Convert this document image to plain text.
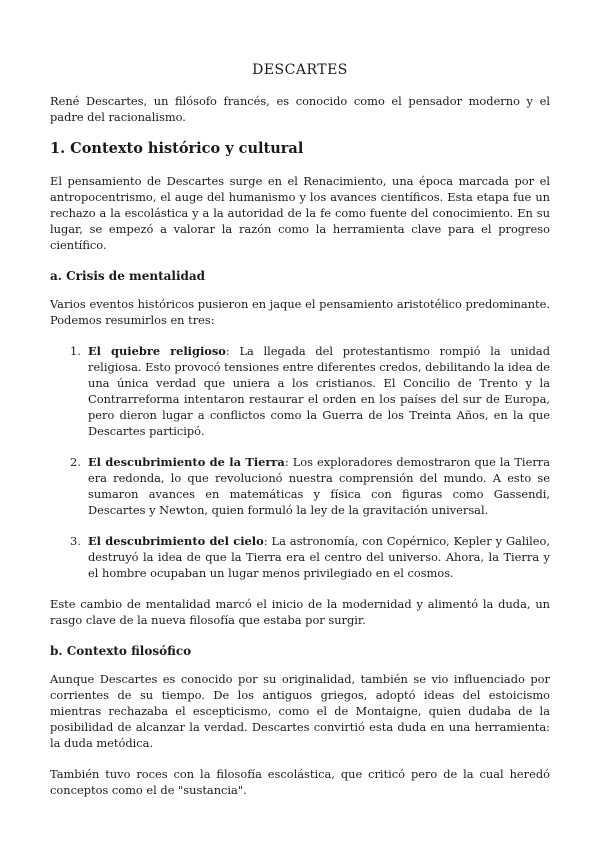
DESCARTES

René Descartes, un filósofo francés, es conocido como el pensador moderno y el padre del racionalismo.

1. Contexto histórico y cultural

El pensamiento de Descartes surge en el Renacimiento, una época marcada por el antropocentrismo, el auge del humanismo y los avances científicos. Esta etapa fue un rechazo a la escolástica y a la autoridad de la fe como fuente del conocimiento. En su lugar, se empezó a valorar la razón como la herramienta clave para el progreso científico.

a. Crisis de mentalidad

Varios eventos históricos pusieron en jaque el pensamiento aristotélico predominante. Podemos resumirlos en tres:

1. El quiebre religioso: La llegada del protestantismo rompió la unidad religiosa. Esto provocó tensiones entre diferentes credos, debilitando la idea de una única verdad que uniera a los cristianos. El Concilio de Trento y la Contrarreforma intentaron restaurar el orden en los países del sur de Europa, pero dieron lugar a conflictos como la Guerra de los Treinta Años, en la que Descartes participó.
2. El descubrimiento de la Tierra: Los exploradores demostraron que la Tierra era redonda, lo que revolucionó nuestra comprensión del mundo. A esto se sumaron avances en matemáticas y física con figuras como Gassendi, Descartes y Newton, quien formuló la ley de la gravitación universal.
3. El descubrimiento del cielo: La astronomía, con Copérnico, Kepler y Galileo, destruyó la idea de que la Tierra era el centro del universo. Ahora, la Tierra y el hombre ocupaban un lugar menos privilegiado en el cosmos.

Este cambio de mentalidad marcó el inicio de la modernidad y alimentó la duda, un rasgo clave de la nueva filosofía que estaba por surgir.

b. Contexto filosófico

Aunque Descartes es conocido por su originalidad, también se vio influenciado por corrientes de su tiempo. De los antiguos griegos, adoptó ideas del estoicismo mientras rechazaba el escepticismo, como el de Montaigne, quien dudaba de la posibilidad de alcanzar la verdad. Descartes convirtió esta duda en una herramienta: la duda metódica.

También tuvo roces con la filosofía escolástica, que criticó pero de la cual heredó conceptos como el de "sustancia".
